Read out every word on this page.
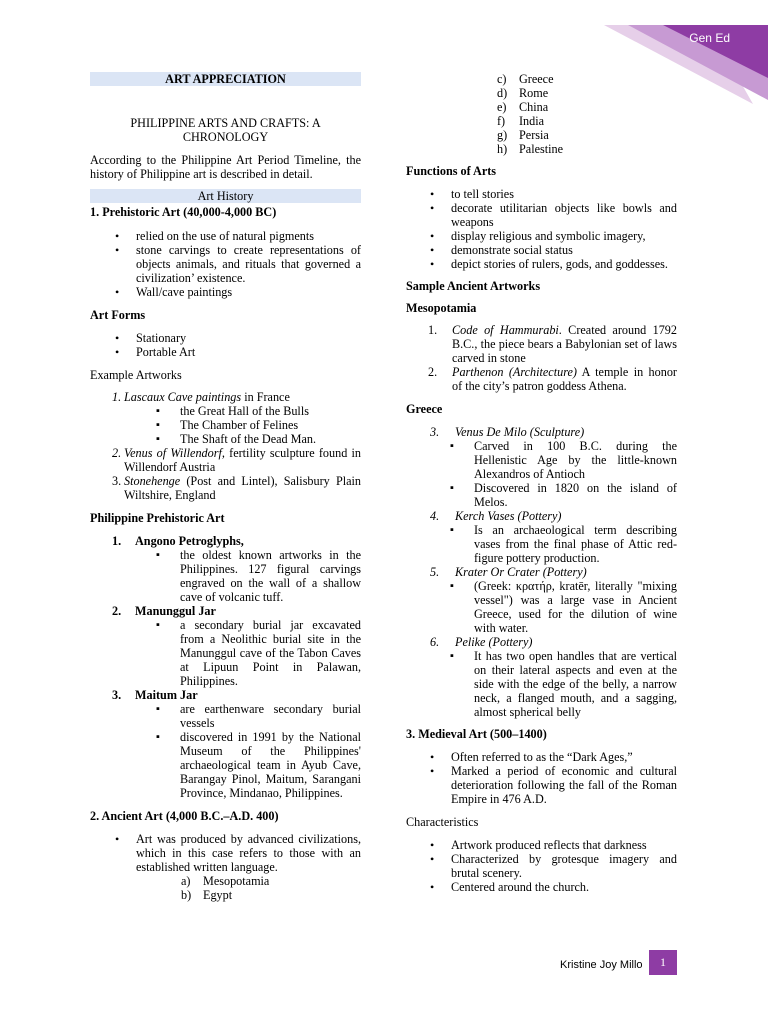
Gen Ed
ART APPRECIATION

PHILIPPINE ARTS AND CRAFTS: A

CHRONOLOGY

According to the Philippine Art Period Timeline, the history of Philippine art is described in detail.

Art History

1. Prehistoric Art (40,000-4,000 BC)

• relied on the use of natural pigments
• stone carvings to create representations of objects animals, and rituals that governed a civilization’ existence.
• Wall/cave paintings

Art Forms

• Stationary
• Portable Art

Example Artworks

1. Lascaux Cave paintings in France
▪ the Great Hall of the Bulls
▪ The Chamber of Felines
▪ The Shaft of the Dead Man.
2. Venus of Willendorf, fertility sculpture found in Willendorf Austria
3. Stonehenge (Post and Lintel), Salisbury Plain Wiltshire, England

Philippine Prehistoric Art

1. Angono Petroglyphs,
▪ the oldest known artworks in the Philippines. 127 figural carvings engraved on the wall of a shallow cave of volcanic tuff.
2. Manunggul Jar
▪ a secondary burial jar excavated from a Neolithic burial site in the Manunggul cave of the Tabon Caves at Lipuun Point in Palawan, Philippines.
3. Maitum Jar
▪ are earthenware secondary burial vessels
▪ discovered in 1991 by the National Museum of the Philippines' archaeological team in Ayub Cave, Barangay Pinol, Maitum, Sarangani Province, Mindanao, Philippines.

2. Ancient Art (4,000 B.C.–A.D. 400)

• Art was produced by advanced civilizations, which in this case refers to those with an established written language.
a) Mesopotamia
b) Egypt
c) Greece
d) Rome
e) China
f) India
g) Persia
h) Palestine

Functions of Arts

• to tell stories
• decorate utilitarian objects like bowls and weapons
• display religious and symbolic imagery,
• demonstrate social status
• depict stories of rulers, gods, and goddesses.

Sample Ancient Artworks

Mesopotamia

1. Code of Hammurabi. Created around 1792 B.C., the piece bears a Babylonian set of laws carved in stone
2. Parthenon (Architecture) A temple in honor of the city’s patron goddess Athena.

Greece

3. Venus De Milo (Sculpture)
▪ Carved in 100 B.C. during the Hellenistic Age by the little-known Alexandros of Antioch
▪ Discovered in 1820 on the island of Melos.
4. Kerch Vases (Pottery)
▪ Is an archaeological term describing vases from the final phase of Attic red-figure pottery production.
5. Krater Or Crater (Pottery)
▪ (Greek: κρατήρ, kratēr, literally "mixing vessel") was a large vase in Ancient Greece, used for the dilution of wine with water.
6. Pelike (Pottery)
▪ It has two open handles that are vertical on their lateral aspects and even at the side with the edge of the belly, a narrow neck, a flanged mouth, and a sagging, almost spherical belly

3. Medieval Art (500–1400)

• Often referred to as the “Dark Ages,”
• Marked a period of economic and cultural deterioration following the fall of the Roman Empire in 476 A.D.

Characteristics

• Artwork produced reflects that darkness
• Characterized by grotesque imagery and brutal scenery.
• Centered around the church.
Kristine Joy Millo	1
